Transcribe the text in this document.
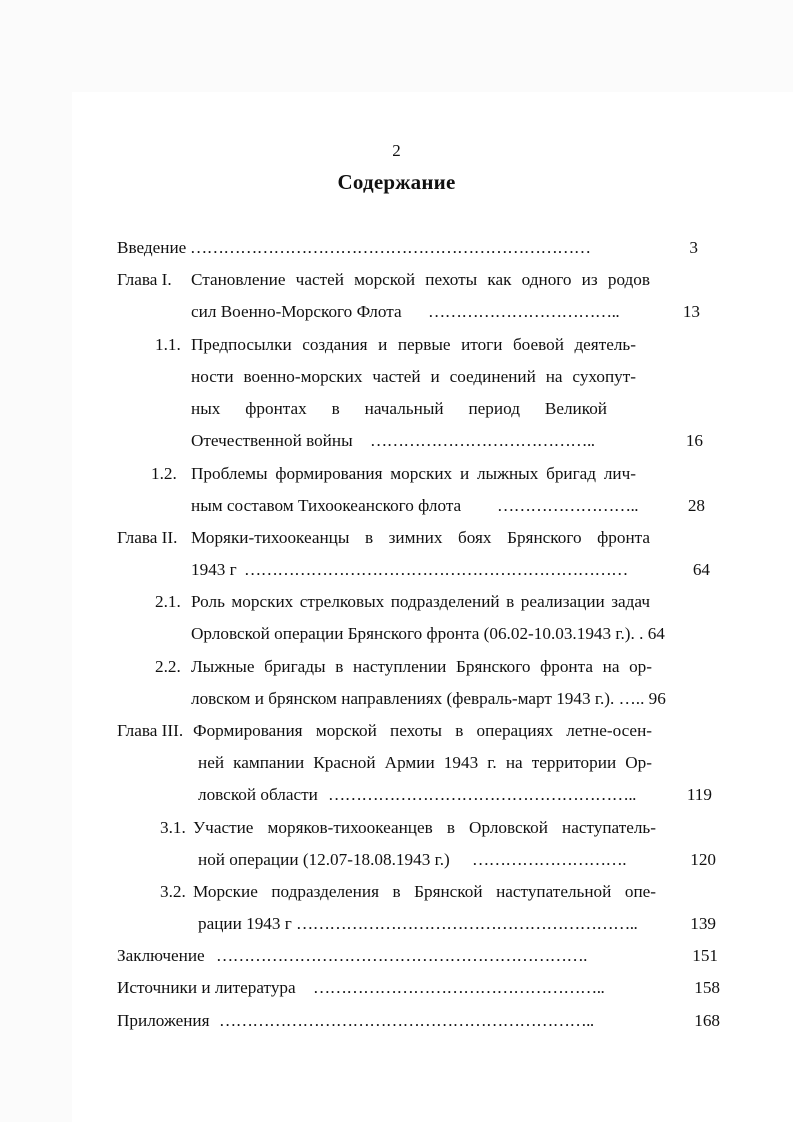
2
Содержание
Введение ………………………………………………………………	3
Глава I. Становление частей морской пехоты как одного из родов
сил Военно-Морского Флота ……………………………..	13
1.1. Предпосылки создания и первые итоги боевой деятель-
ности военно-морских частей и соединений на сухопут-
ных фронтах в начальный период Великой
Отечественной войны …………………………………..	16
1.2. Проблемы формирования морских и лыжных бригад лич-
ным составом Тихоокеанского флота ……………………..	28
Глава II. Моряки-тихоокеанцы в зимних боях Брянского фронта
1943 г ……………………………………………………………	64
2.1. Роль морских стрелковых подразделений в реализации задач
Орловской операции Брянского фронта (06.02-10.03.1943 г.). . 64
2.2. Лыжные бригады в наступлении Брянского фронта на ор-
ловском и брянском направлениях (февраль-март 1943 г.). ….. 96
Глава III. Формирования морской пехоты в операциях летне-осен-
ней кампании Красной Армии 1943 г. на территории Ор-
ловской области ………………………………………………..	119
3.1. Участие моряков-тихоокеанцев в Орловской наступатель-
ной операции (12.07-18.08.1943 г.) ……………………….	120
3.2. Морские подразделения в Брянской наступательной опе-
рации 1943 г ……………………………………………………..	139
Заключение ………………………………………………………….	151
Источники и литература ……………………………………………..	158
Приложения …………………………………………………………..	168
